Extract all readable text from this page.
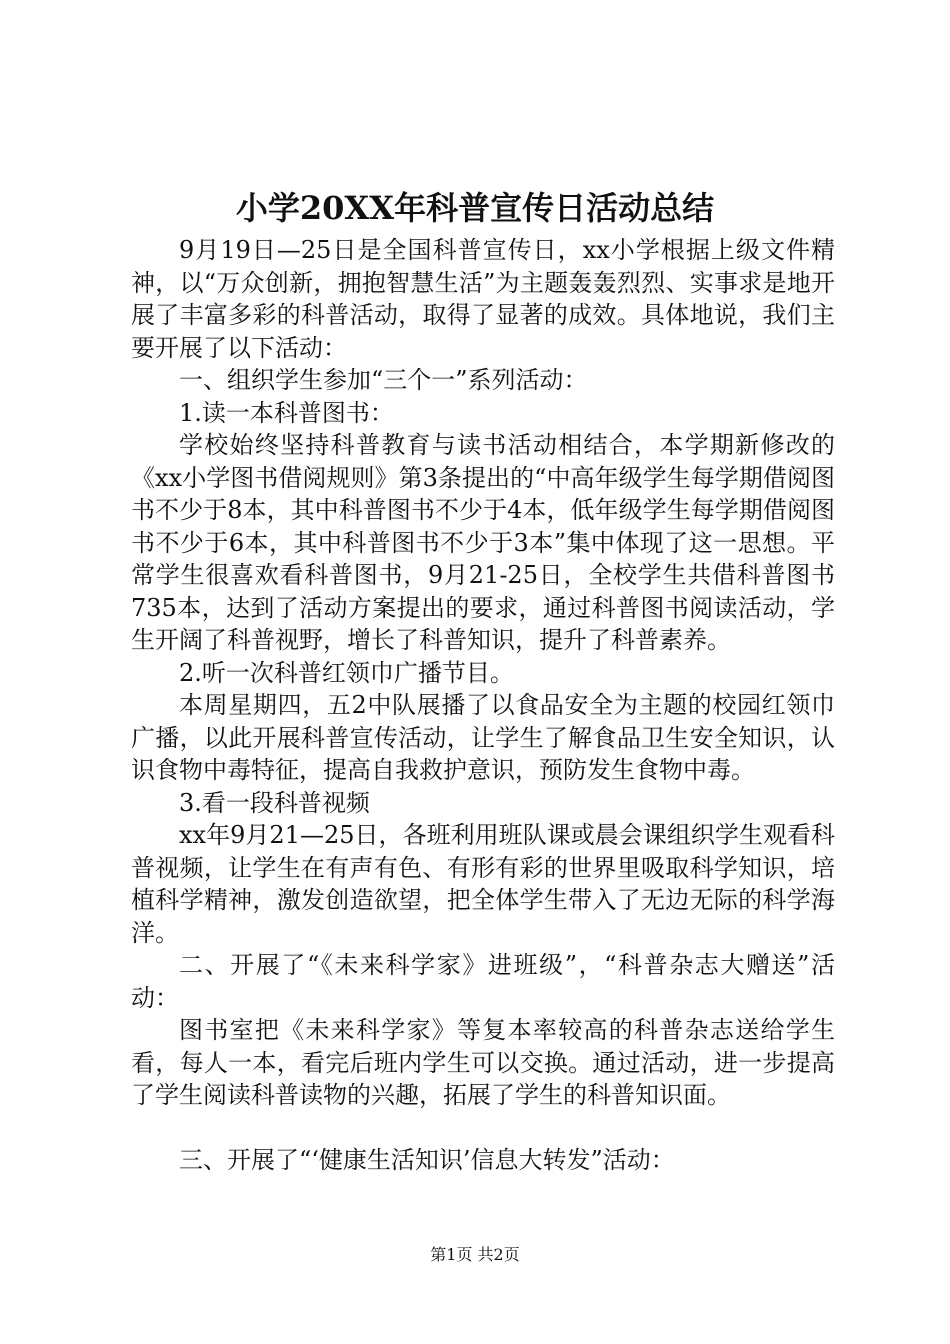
小学20XX年科普宣传日活动总结

9月19日—25日是全国科普宣传日，xx小学根据上级文件精神，以“万众创新，拥抱智慧生活”为主题轰轰烈烈、实事求是地开展了丰富多彩的科普活动，取得了显著的成效。具体地说，我们主要开展了以下活动：

一、组织学生参加“三个一”系列活动：

1.读一本科普图书：

学校始终坚持科普教育与读书活动相结合，本学期新修改的《xx小学图书借阅规则》第3条提出的“中高年级学生每学期借阅图书不少于8本，其中科普图书不少于4本，低年级学生每学期借阅图书不少于6本，其中科普图书不少于3本”集中体现了这一思想。平常学生很喜欢看科普图书，9月21-25日，全校学生共借科普图书735本，达到了活动方案提出的要求，通过科普图书阅读活动，学生开阔了科普视野，增长了科普知识，提升了科普素养。

2.听一次科普红领巾广播节目。

本周星期四，五2中队展播了以食品安全为主题的校园红领巾广播，以此开展科普宣传活动，让学生了解食品卫生安全知识，认识食物中毒特征，提高自我救护意识，预防发生食物中毒。

3.看一段科普视频

xx年9月21—25日，各班利用班队课或晨会课组织学生观看科普视频，让学生在有声有色、有形有彩的世界里吸取科学知识，培植科学精神，激发创造欲望，把全体学生带入了无边无际的科学海洋。

二、开展了“《未来科学家》进班级”，“科普杂志大赠送”活动：

图书室把《未来科学家》等复本率较高的科普杂志送给学生看，每人一本，看完后班内学生可以交换。通过活动，进一步提高了学生阅读科普读物的兴趣，拓展了学生的科普知识面。

三、开展了“‘健康生活知识’信息大转发”活动：

第1页 共2页
